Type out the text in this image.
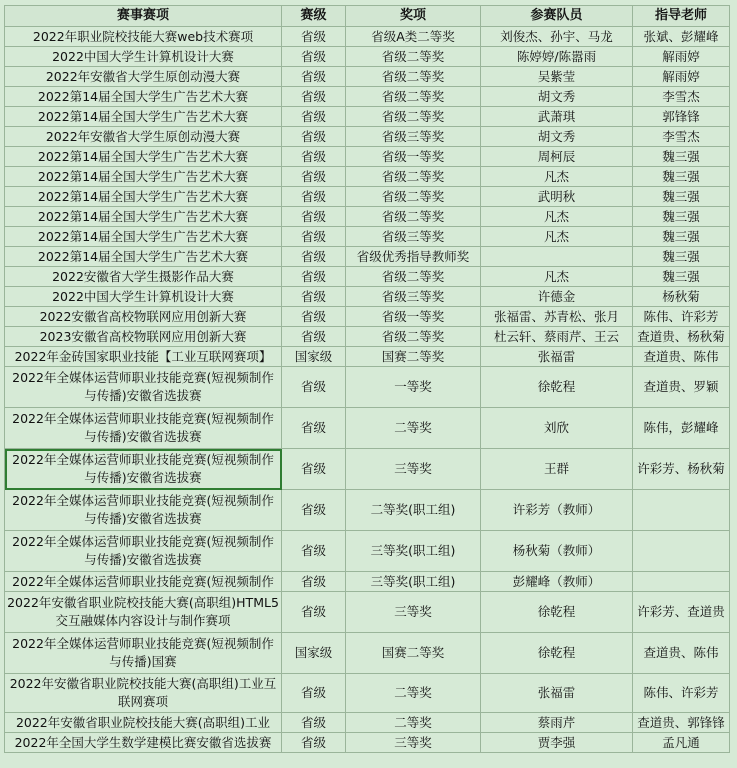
赛事赛项	赛级	奖项	参赛队员	指导老师
2022年职业院校技能大赛web技术赛项	省级	省级A类二等奖	刘俊杰、孙宇、马龙	张斌、彭耀峰
2022中国大学生计算机设计大赛	省级	省级二等奖	陈婷婷/陈嚣雨	解雨婷
2022年安徽省大学生原创动漫大赛	省级	省级二等奖	吴紫莹	解雨婷
2022第14届全国大学生广告艺术大赛	省级	省级二等奖	胡文秀	李雪杰
2022第14届全国大学生广告艺术大赛	省级	省级二等奖	武萧琪	郭锋锋
2022年安徽省大学生原创动漫大赛	省级	省级三等奖	胡文秀	李雪杰
2022第14届全国大学生广告艺术大赛	省级	省级一等奖	周柯辰	魏三强
2022第14届全国大学生广告艺术大赛	省级	省级二等奖	凡杰	魏三强
2022第14届全国大学生广告艺术大赛	省级	省级二等奖	武明秋	魏三强
2022第14届全国大学生广告艺术大赛	省级	省级二等奖	凡杰	魏三强
2022第14届全国大学生广告艺术大赛	省级	省级三等奖	凡杰	魏三强
2022第14届全国大学生广告艺术大赛	省级	省级优秀指导教师奖		魏三强
2022安徽省大学生摄影作品大赛	省级	省级二等奖	凡杰	魏三强
2022中国大学生计算机设计大赛	省级	省级三等奖	许德金	杨秋菊
2022安徽省高校物联网应用创新大赛	省级	省级一等奖	张福雷、苏青松、张月	陈伟、许彩芳
2023安徽省高校物联网应用创新大赛	省级	省级二等奖	杜云轩、蔡雨芹、王云	查道贵、杨秋菊
2022年金砖国家职业技能【工业互联网赛项】	国家级	国赛二等奖	张福雷	查道贵、陈伟
2022年全媒体运营师职业技能竞赛(短视频制作与传播)安徽省选拔赛	省级	一等奖	徐乾程	查道贵、罗颖
2022年全媒体运营师职业技能竞赛(短视频制作与传播)安徽省选拔赛	省级	二等奖	刘欣	陈伟，彭耀峰
2022年全媒体运营师职业技能竞赛(短视频制作与传播)安徽省选拔赛	省级	三等奖	王群	许彩芳、杨秋菊
2022年全媒体运营师职业技能竞赛(短视频制作与传播)安徽省选拔赛	省级	二等奖(职工组)	许彩芳（教师）	
2022年全媒体运营师职业技能竞赛(短视频制作与传播)安徽省选拔赛	省级	三等奖(职工组)	杨秋菊（教师）	
2022年全媒体运营师职业技能竞赛(短视频制作	省级	三等奖(职工组)	彭耀峰（教师）	
2022年安徽省职业院校技能大赛(高职组)HTML5交互融媒体内容设计与制作赛项	省级	三等奖	徐乾程	许彩芳、查道贵
2022年全媒体运营师职业技能竞赛(短视频制作与传播)国赛	国家级	国赛二等奖	徐乾程	查道贵、陈伟
2022年安徽省职业院校技能大赛(高职组)工业互联网赛项	省级	二等奖	张福雷	陈伟、许彩芳
2022年安徽省职业院校技能大赛(高职组)工业	省级	二等奖	蔡雨芹	查道贵、郭锋锋
2022年全国大学生数学建模比赛安徽省选拔赛	省级	三等奖	贾李强	孟凡通
